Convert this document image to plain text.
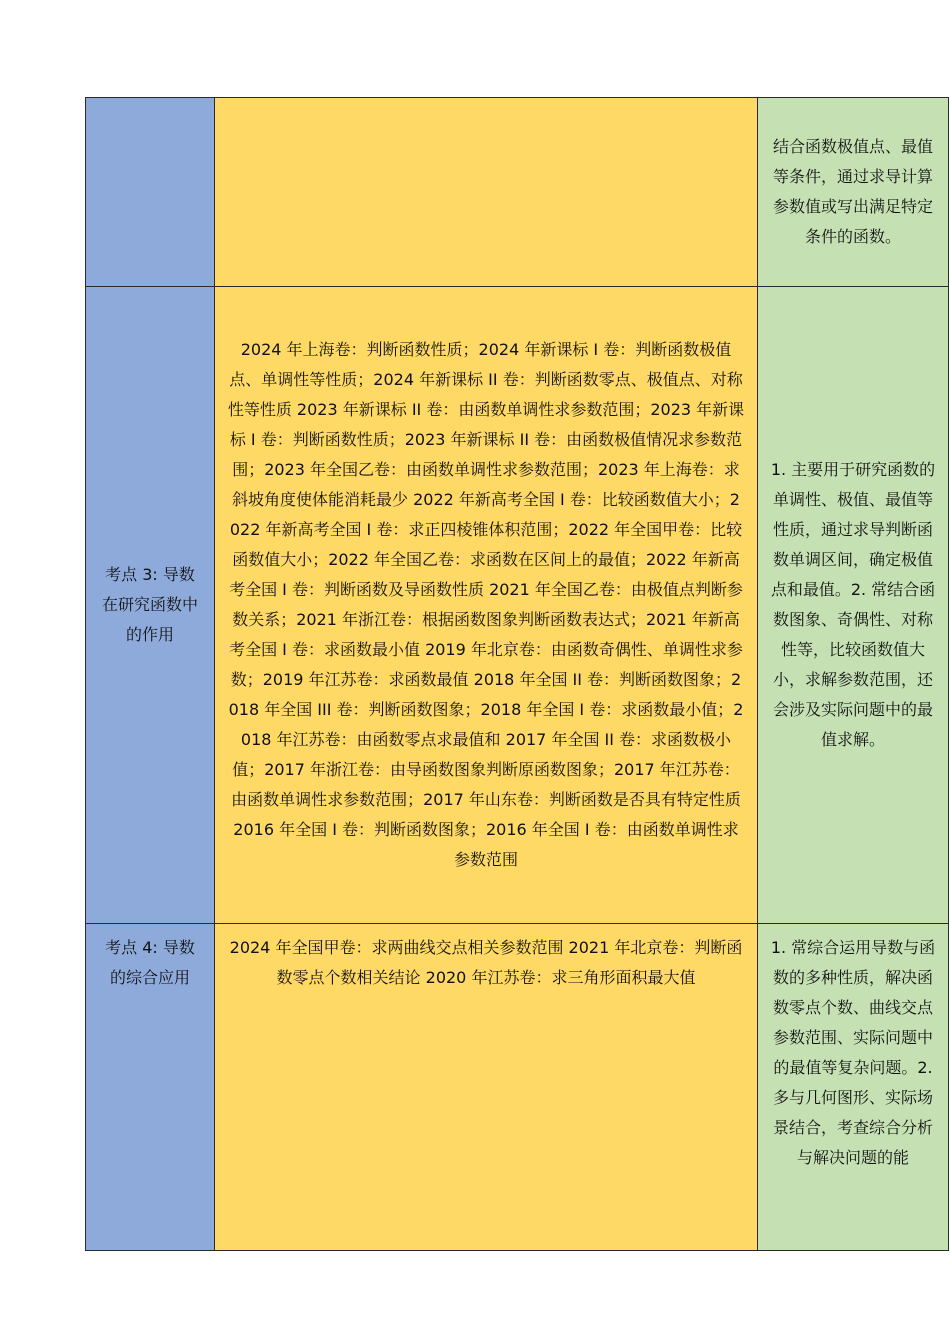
		结合函数极值点、最值等条件，通过求导计算参数值或写出满足特定条件的函数。
考点 3: 导数在研究函数中的作用	2024 年上海卷：判断函数性质；2024 年新课标 I 卷：判断函数极值点、单调性等性质；2024 年新课标 II 卷：判断函数零点、极值点、对称性等性质 2023 年新课标 II 卷：由函数单调性求参数范围；2023 年新课标 I 卷：判断函数性质；2023 年新课标 II 卷：由函数极值情况求参数范围；2023 年全国乙卷：由函数单调性求参数范围；2023 年上海卷：求斜坡角度使体能消耗最少 2022 年新高考全国 I 卷：比较函数值大小；2022 年新高考全国 I 卷：求正四棱锥体积范围；2022 年全国甲卷：比较函数值大小；2022 年全国乙卷：求函数在区间上的最值；2022 年新高考全国 I 卷：判断函数及导函数性质 2021 年全国乙卷：由极值点判断参数关系；2021 年浙江卷：根据函数图象判断函数表达式；2021 年新高考全国 I 卷：求函数最小值 2019 年北京卷：由函数奇偶性、单调性求参数；2019 年江苏卷：求函数最值 2018 年全国 II 卷：判断函数图象；2018 年全国 III 卷：判断函数图象；2018 年全国 I 卷：求函数最小值；2018 年江苏卷：由函数零点求最值和 2017 年全国 II 卷：求函数极小值；2017 年浙江卷：由导函数图象判断原函数图象；2017 年江苏卷：由函数单调性求参数范围；2017 年山东卷：判断函数是否具有特定性质 2016 年全国 I 卷：判断函数图象；2016 年全国 I 卷：由函数单调性求参数范围	1. 主要用于研究函数的单调性、极值、最值等性质，通过求导判断函数单调区间，确定极值点和最值。2. 常结合函数图象、奇偶性、对称性等，比较函数值大小，求解参数范围，还会涉及实际问题中的最值求解。
考点 4: 导数的综合应用	2024 年全国甲卷：求两曲线交点相关参数范围 2021 年北京卷：判断函数零点个数相关结论 2020 年江苏卷：求三角形面积最大值	1. 常综合运用导数与函数的多种性质，解决函数零点个数、曲线交点参数范围、实际问题中的最值等复杂问题。2. 多与几何图形、实际场景结合，考查综合分析与解决问题的能
